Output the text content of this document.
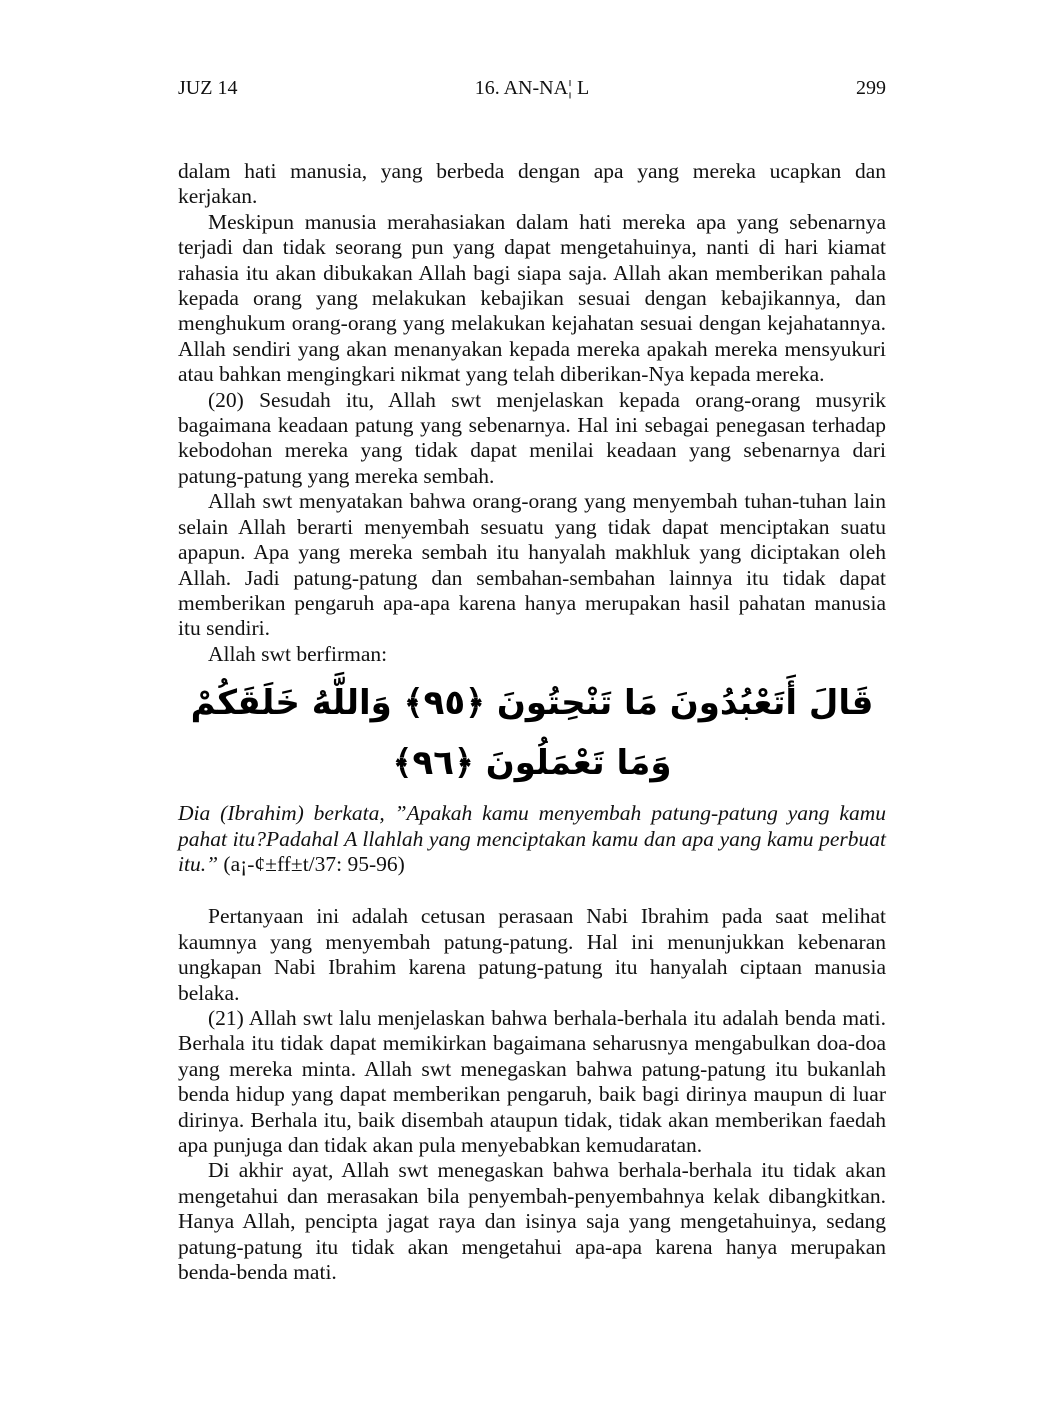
JUZ 14	16. AN-NA¦ L	299

dalam hati manusia, yang berbeda dengan apa yang mereka ucapkan dan kerjakan.

Meskipun manusia merahasiakan dalam hati mereka apa yang sebenarnya terjadi dan tidak seorang pun yang dapat mengetahuinya, nanti di hari kiamat rahasia itu akan dibukakan Allah bagi siapa saja. Allah akan memberikan pahala kepada orang yang melakukan kebajikan sesuai dengan kebajikannya, dan menghukum orang-orang yang melakukan kejahatan sesuai dengan kejahatannya. Allah sendiri yang akan menanyakan kepada mereka apakah mereka mensyukuri atau bahkan mengingkari nikmat yang telah diberikan-Nya kepada mereka.

(20) Sesudah itu, Allah swt menjelaskan kepada orang-orang musyrik bagaimana keadaan patung yang sebenarnya. Hal ini sebagai penegasan terhadap kebodohan mereka yang tidak dapat menilai keadaan yang sebenarnya dari patung-patung yang mereka sembah.

Allah swt menyatakan bahwa orang-orang yang menyembah tuhan-tuhan lain selain Allah berarti menyembah sesuatu yang tidak dapat menciptakan suatu apapun. Apa yang mereka sembah itu hanyalah makhluk yang diciptakan oleh Allah. Jadi patung-patung dan sembahan-sembahan lainnya itu tidak dapat memberikan pengaruh apa-apa karena hanya merupakan hasil pahatan manusia itu sendiri.

Allah swt berfirman:

قَالَ أَتَعْبُدُونَ مَا تَنْحِتُونَ ﴿٩٥﴾ وَاللَّهُ خَلَقَكُمْ وَمَا تَعْمَلُونَ ﴿٩٦﴾

Dia (Ibrahim) berkata, ”Apakah kamu menyembah patung-patung yang kamu pahat itu?Padahal A llahlah yang menciptakan kamu dan apa yang kamu perbuat itu.” (a¡-¢±ff±t/37: 95-96)

Pertanyaan ini adalah cetusan perasaan Nabi Ibrahim pada saat melihat kaumnya yang menyembah patung-patung. Hal ini menunjukkan kebenaran ungkapan Nabi Ibrahim karena patung-patung itu hanyalah ciptaan manusia belaka.

(21) Allah swt lalu menjelaskan bahwa berhala-berhala itu adalah benda mati. Berhala itu tidak dapat memikirkan bagaimana seharusnya mengabulkan doa-doa yang mereka minta. Allah swt menegaskan bahwa patung-patung itu bukanlah benda hidup yang dapat memberikan pengaruh, baik bagi dirinya maupun di luar dirinya. Berhala itu, baik disembah ataupun tidak, tidak akan memberikan faedah apa punjuga dan tidak akan pula menyebabkan kemudaratan.

Di akhir ayat, Allah swt menegaskan bahwa berhala-berhala itu tidak akan mengetahui dan merasakan bila penyembah-penyembahnya kelak dibangkitkan. Hanya Allah, pencipta jagat raya dan isinya saja yang mengetahuinya, sedang patung-patung itu tidak akan mengetahui apa-apa karena hanya merupakan benda-benda mati.
